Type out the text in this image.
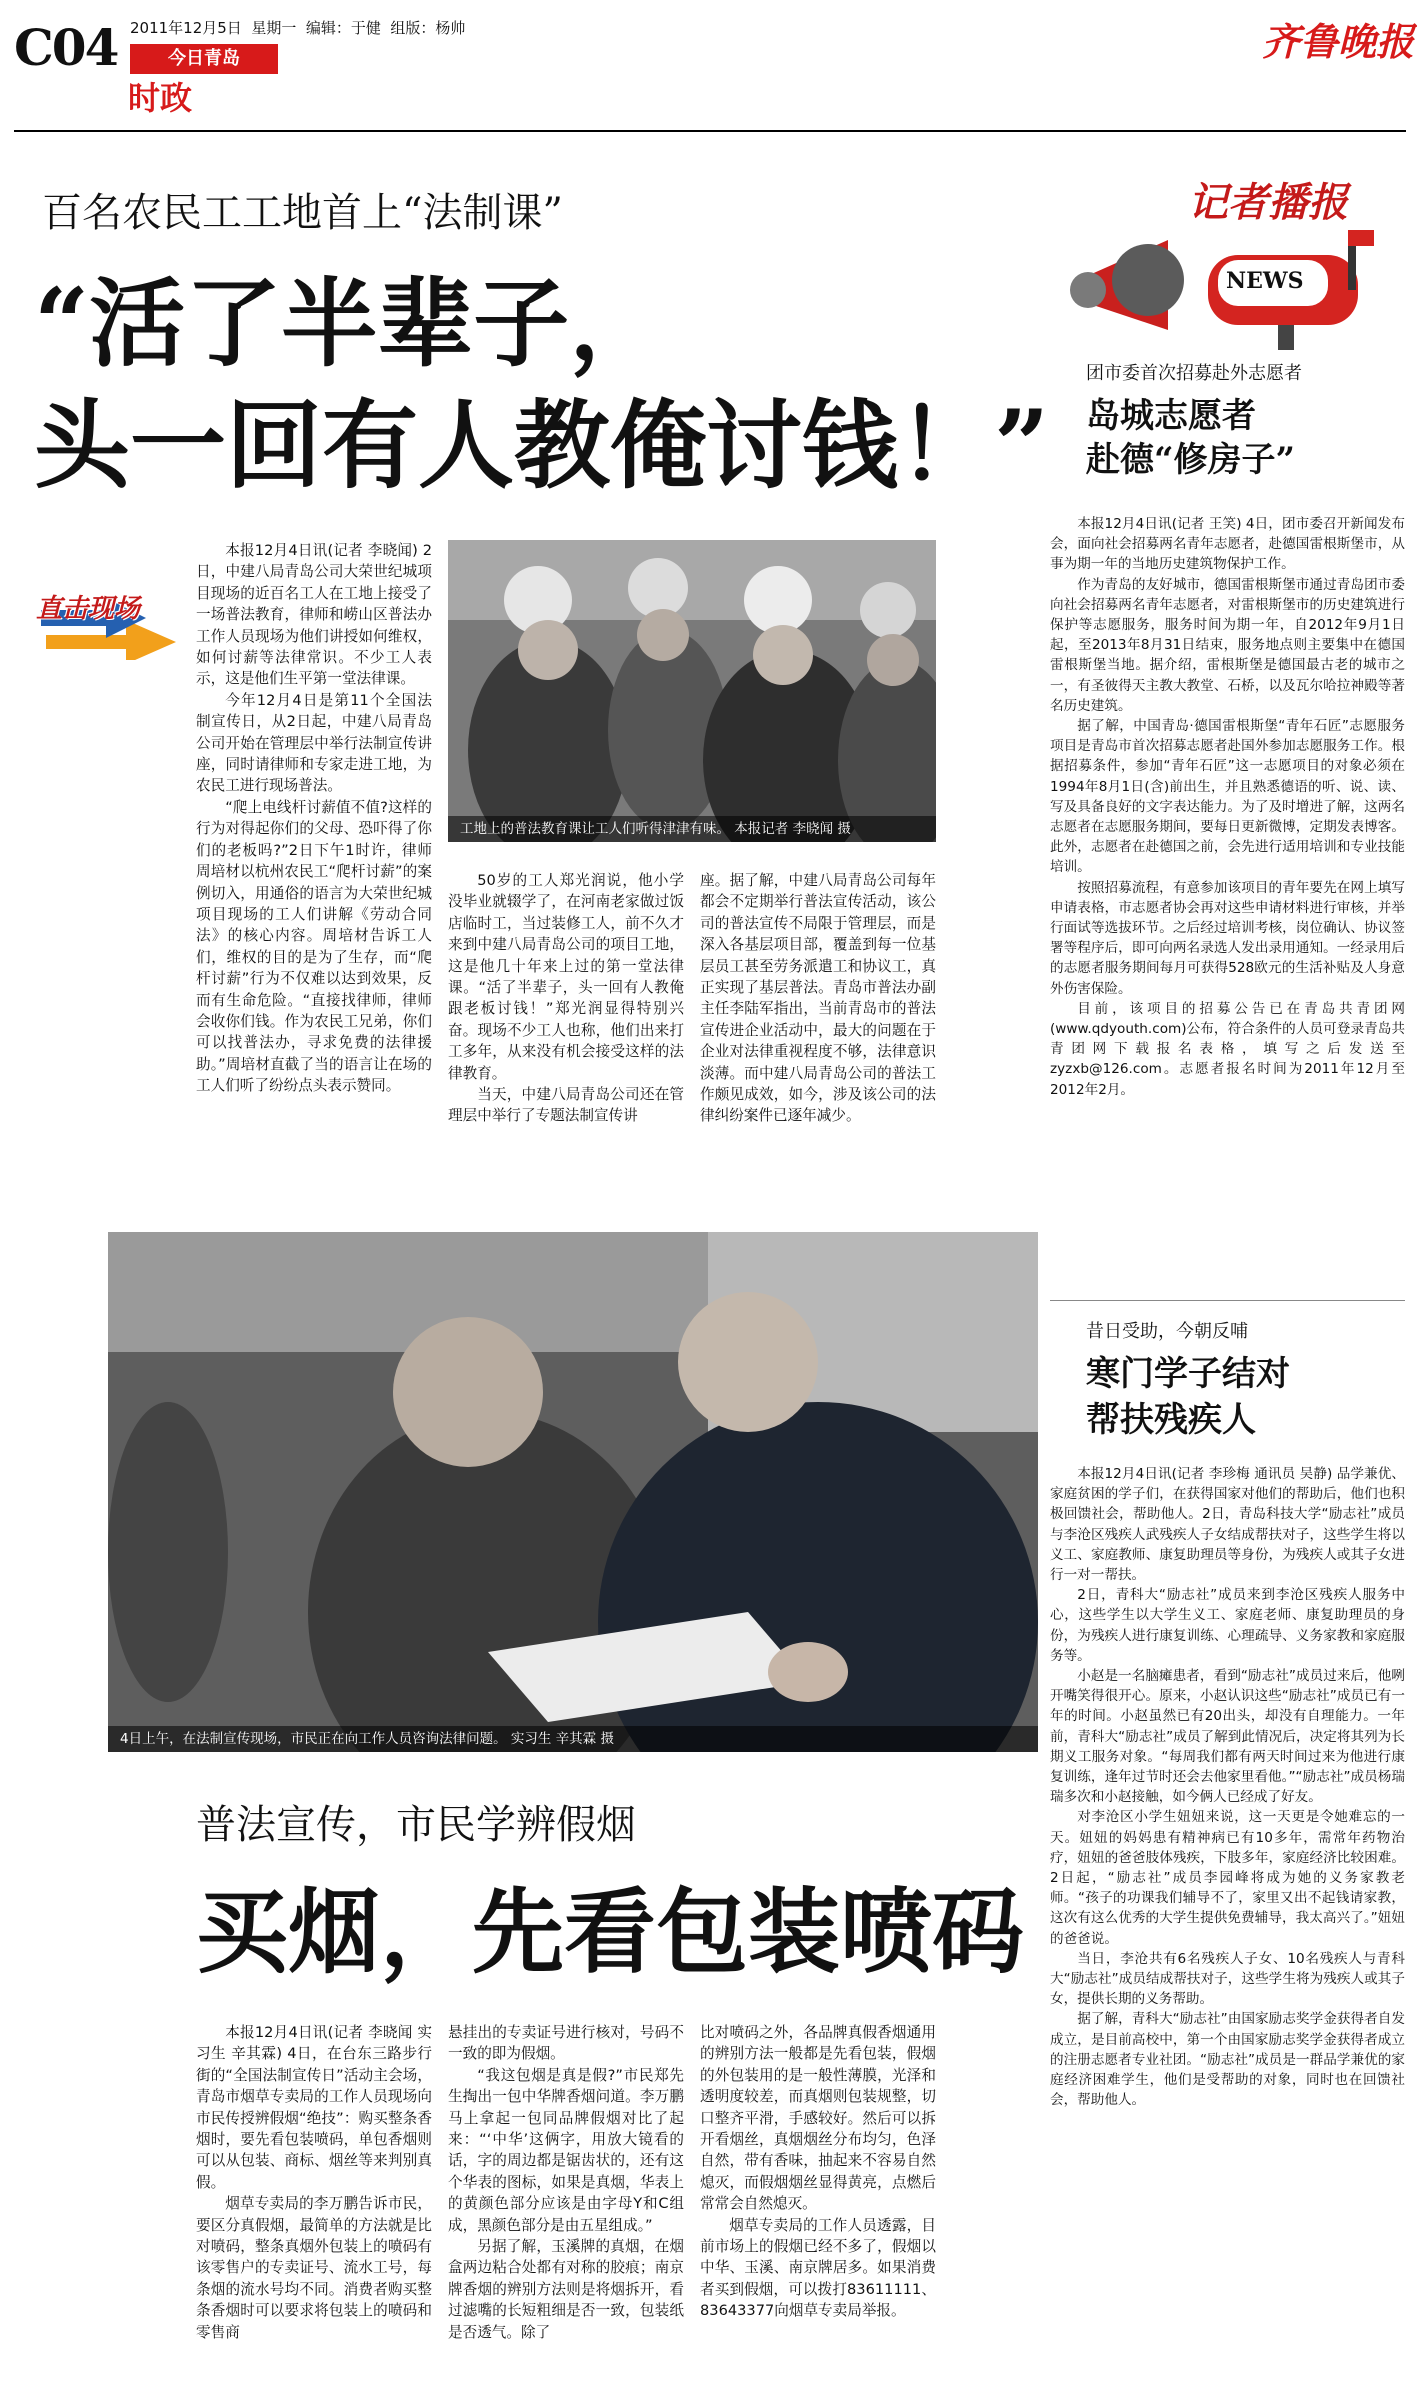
C04 2011年12月5日  星期一  编辑：于健  组版：杨帅
今日青岛
时政
齐鲁晚报
百名农民工工地首上“法制课”
“活了半辈子，
头一回有人教俺讨钱！”
直击现场

本报12月4日讯(记者 李晓闻) 2日，中建八局青岛公司大荣世纪城项目现场的近百名工人在工地上接受了一场普法教育，律师和崂山区普法办工作人员现场为他们讲授如何维权，如何讨薪等法律常识。不少工人表示，这是他们生平第一堂法律课。

今年12月4日是第11个全国法制宣传日，从2日起，中建八局青岛公司开始在管理层中举行法制宣传讲座，同时请律师和专家走进工地，为农民工进行现场普法。

“爬上电线杆讨薪值不值?这样的行为对得起你们的父母、恐吓得了你们的老板吗?”2日下午1时许，律师周培材以杭州农民工“爬杆讨薪”的案例切入，用通俗的语言为大荣世纪城项目现场的工人们讲解《劳动合同法》的核心内容。周培材告诉工人们，维权的目的是为了生存，而“爬杆讨薪”行为不仅难以达到效果，反而有生命危险。“直接找律师，律师会收你们钱。作为农民工兄弟，你们可以找普法办，寻求免费的法律援助。”周培材直截了当的语言让在场的工人们听了纷纷点头表示赞同。

工地上的普法教育课让工人们听得津津有味。 本报记者 李晓闻 摄

50岁的工人郑光润说，他小学没毕业就辍学了，在河南老家做过饭店临时工，当过装修工人，前不久才来到中建八局青岛公司的项目工地，这是他几十年来上过的第一堂法律课。“活了半辈子，头一回有人教俺跟老板讨钱！”郑光润显得特别兴奋。现场不少工人也称，他们出来打工多年，从来没有机会接受这样的法律教育。

当天，中建八局青岛公司还在管理层中举行了专题法制宣传讲

座。据了解，中建八局青岛公司每年都会不定期举行普法宣传活动，该公司的普法宣传不局限于管理层，而是深入各基层项目部，覆盖到每一位基层员工甚至劳务派遣工和协议工，真正实现了基层普法。青岛市普法办副主任李陆军指出，当前青岛市的普法宣传进企业活动中，最大的问题在于企业对法律重视程度不够，法律意识淡薄。而中建八局青岛公司的普法工作颇见成效，如今，涉及该公司的法律纠纷案件已逐年减少。

4日上午，在法制宣传现场，市民正在向工作人员咨询法律问题。 实习生 辛其霖 摄
普法宣传，市民学辨假烟
买烟，先看包装喷码

本报12月4日讯(记者 李晓闻 实习生 辛其霖) 4日，在台东三路步行街的“全国法制宣传日”活动主会场，青岛市烟草专卖局的工作人员现场向市民传授辨假烟“绝技”：购买整条香烟时，要先看包装喷码，单包香烟则可以从包装、商标、烟丝等来判别真假。

烟草专卖局的李万鹏告诉市民，要区分真假烟，最简单的方法就是比对喷码，整条真烟外包装上的喷码有该零售户的专卖证号、流水工号，每条烟的流水号均不同。消费者购买整条香烟时可以要求将包装上的喷码和零售商

悬挂出的专卖证号进行核对，号码不一致的即为假烟。

“我这包烟是真是假?”市民郑先生掏出一包中华牌香烟问道。李万鹏马上拿起一包同品牌假烟对比了起来：“‘中华’这俩字，用放大镜看的话，字的周边都是锯齿状的，还有这个华表的图标，如果是真烟，华表上的黄颜色部分应该是由字母Y和C组成，黑颜色部分是由五星组成。”

另据了解，玉溪牌的真烟，在烟盒两边粘合处都有对称的胶痕；南京牌香烟的辨别方法则是将烟拆开，看过滤嘴的长短粗细是否一致，包装纸是否透气。除了

比对喷码之外，各品牌真假香烟通用的辨别方法一般都是先看包装，假烟的外包装用的是一般性薄膜，光泽和透明度较差，而真烟则包装规整，切口整齐平滑，手感较好。然后可以拆开看烟丝，真烟烟丝分布均匀，色泽自然，带有香味，抽起来不容易自然熄灭，而假烟烟丝显得黄亮，点燃后常常会自然熄灭。

烟草专卖局的工作人员透露，目前市场上的假烟已经不多了，假烟以中华、玉溪、南京牌居多。如果消费者买到假烟，可以拨打83611111、83643377向烟草专卖局举报。

记者播报
NEWS
团市委首次招募赴外志愿者
岛城志愿者
赴德“修房子”

本报12月4日讯(记者 王笑) 4日，团市委召开新闻发布会，面向社会招募两名青年志愿者，赴德国雷根斯堡市，从事为期一年的当地历史建筑物保护工作。

作为青岛的友好城市，德国雷根斯堡市通过青岛团市委向社会招募两名青年志愿者，对雷根斯堡市的历史建筑进行保护等志愿服务，服务时间为期一年，自2012年9月1日起，至2013年8月31日结束，服务地点则主要集中在德国雷根斯堡当地。据介绍，雷根斯堡是德国最古老的城市之一，有圣彼得天主教大教堂、石桥，以及瓦尔哈拉神殿等著名历史建筑。

据了解，中国青岛·德国雷根斯堡“青年石匠”志愿服务项目是青岛市首次招募志愿者赴国外参加志愿服务工作。根据招募条件，参加“青年石匠”这一志愿项目的对象必须在1994年8月1日(含)前出生，并且熟悉德语的听、说、读、写及具备良好的文字表达能力。为了及时增进了解，这两名志愿者在志愿服务期间，要每日更新微博，定期发表博客。此外，志愿者在赴德国之前，会先进行适用培训和专业技能培训。

按照招募流程，有意参加该项目的青年要先在网上填写申请表格，市志愿者协会再对这些申请材料进行审核，并举行面试等选拔环节。之后经过培训考核，岗位确认、协议签署等程序后，即可向两名录选人发出录用通知。一经录用后的志愿者服务期间每月可获得528欧元的生活补贴及人身意外伤害保险。

目前，该项目的招募公告已在青岛共青团网(www.qdyouth.com)公布，符合条件的人员可登录青岛共青团网下载报名表格，填写之后发送至zyzxb@126.com。志愿者报名时间为2011年12月至2012年2月。

昔日受助，今朝反哺
寒门学子结对
帮扶残疾人

本报12月4日讯(记者 李珍梅 通讯员 吴静) 品学兼优、家庭贫困的学子们，在获得国家对他们的帮助后，他们也积极回馈社会，帮助他人。2日，青岛科技大学“励志社”成员与李沧区残疾人武残疾人子女结成帮扶对子，这些学生将以义工、家庭教师、康复助理员等身份，为残疾人或其子女进行一对一帮扶。

2日，青科大“励志社”成员来到李沧区残疾人服务中心，这些学生以大学生义工、家庭老师、康复助理员的身份，为残疾人进行康复训练、心理疏导、义务家教和家庭服务等。

小赵是一名脑瘫患者，看到“励志社”成员过来后，他咧开嘴笑得很开心。原来，小赵认识这些“励志社”成员已有一年的时间。小赵虽然已有20出头，却没有自理能力。一年前，青科大“励志社”成员了解到此情况后，决定将其列为长期义工服务对象。“每周我们都有两天时间过来为他进行康复训练，逢年过节时还会去他家里看他。”“励志社”成员杨瑞瑞多次和小赵接触，如今俩人已经成了好友。

对李沧区小学生妞妞来说，这一天更是令她难忘的一天。妞妞的妈妈患有精神病已有10多年，需常年药物治疗，妞妞的爸爸肢体残疾，下肢多年，家庭经济比较困难。2日起，“励志社”成员李园峰将成为她的义务家教老师。“孩子的功课我们辅导不了，家里又出不起钱请家教，这次有这么优秀的大学生提供免费辅导，我太高兴了。”妞妞的爸爸说。

当日，李沧共有6名残疾人子女、10名残疾人与青科大“励志社”成员结成帮扶对子，这些学生将为残疾人或其子女，提供长期的义务帮助。

据了解，青科大“励志社”由国家励志奖学金获得者自发成立，是目前高校中，第一个由国家励志奖学金获得者成立的注册志愿者专业社团。“励志社”成员是一群品学兼优的家庭经济困难学生，他们是受帮助的对象，同时也在回馈社会，帮助他人。
